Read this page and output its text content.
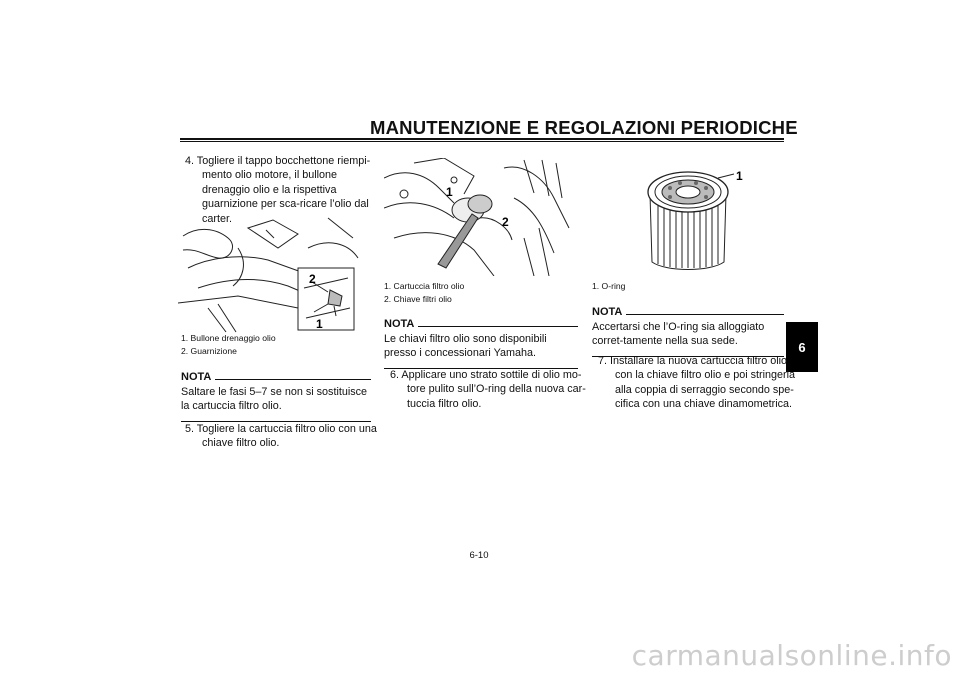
MANUTENZIONE E REGOLAZIONI PERIODICHE
6
4. Togliere il tappo bocchettone riempi-mento olio motore, il bullone drenaggio olio e la rispettiva guarnizione per sca-ricare l’olio dal carter.
2
1
1. Bullone drenaggio olio
2. Guarnizione
NOTA
Saltare le fasi 5–7 se non si sostituisce la cartuccia filtro olio.
5. Togliere la cartuccia filtro olio con una chiave filtro olio.
1
2
1. Cartuccia filtro olio
2. Chiave filtri olio
NOTA
Le chiavi filtro olio sono disponibili presso i concessionari Yamaha.
6. Applicare uno strato sottile di olio mo-tore pulito sull’O-ring della nuova car-tuccia filtro olio.
1
1. O-ring
NOTA
Accertarsi che l’O-ring sia alloggiato corret-tamente nella sua sede.
7. Installare la nuova cartuccia filtro olio con la chiave filtro olio e poi stringerla alla coppia di serraggio secondo spe-cifica con una chiave dinamometrica.
6-10
carmanualsonline.info
